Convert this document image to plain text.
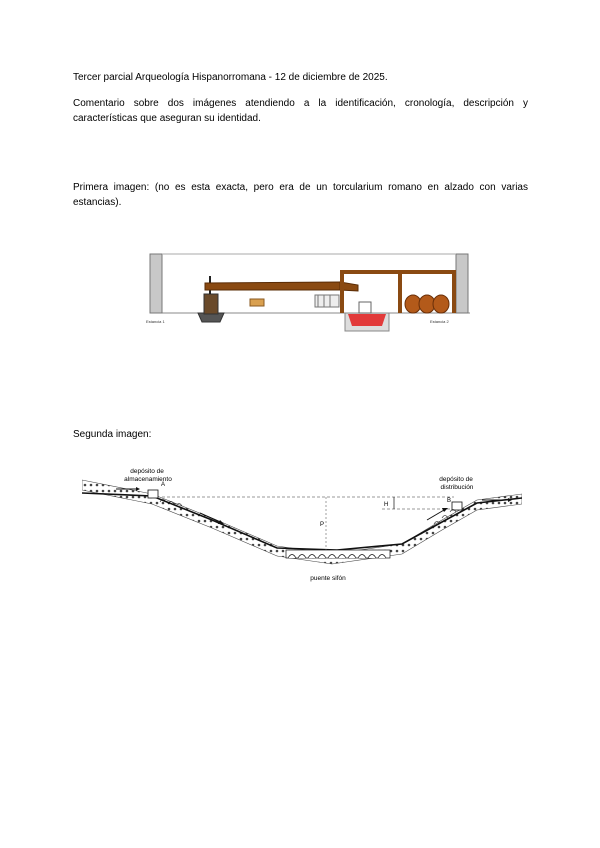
Tercer parcial Arqueología Hispanorromana - 12 de diciembre de 2025.

Comentario sobre dos imágenes atendiendo a la identificación, cronología, descripción y características que aseguran su identidad.

Primera imagen: (no es esta exacta, pero era de un torcularium romano en alzado con varias estancias).

Estancia 1	Estancia 2

Segunda imagen:

depósito de almacenamiento	depósito de distribución
A
B
H
P
puente sifón
